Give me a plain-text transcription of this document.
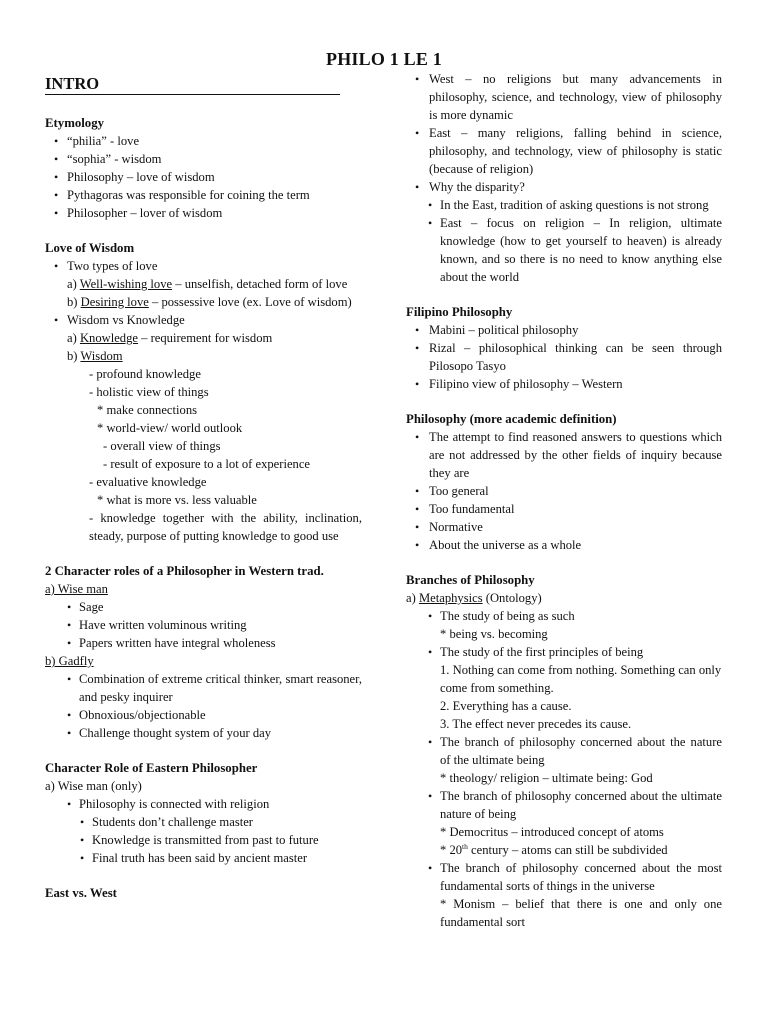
PHILO 1 LE 1
INTRO
Etymology
• “philia” - love
• “sophia” - wisdom
• Philosophy – love of wisdom
• Pythagoras was responsible for coining the term
• Philosopher – lover of wisdom
Love of Wisdom
• Two types of love
a) Well-wishing love – unselfish, detached form of love
b) Desiring love – possessive love (ex. Love of wisdom)
• Wisdom vs Knowledge
a) Knowledge – requirement for wisdom
b) Wisdom
- profound knowledge
- holistic view of things
* make connections
* world-view/ world outlook
- overall view of things
- result of exposure to a lot of experience
- evaluative knowledge
* what is more vs. less valuable
- knowledge together with the ability, inclination, steady, purpose of putting knowledge to good use
2 Character roles of a Philosopher in Western trad.
a) Wise man
• Sage
• Have written voluminous writing
• Papers written have integral wholeness
b) Gadfly
• Combination of extreme critical thinker, smart reasoner, and pesky inquirer
• Obnoxious/objectionable
• Challenge thought system of your day
Character Role of Eastern Philosopher
a) Wise man (only)
• Philosophy is connected with religion
• Students don’t challenge master
• Knowledge is transmitted from past to future
• Final truth has been said by ancient master
East vs. West
• West – no religions but many advancements in philosophy, science, and technology, view of philosophy is more dynamic
• East – many religions, falling behind in science, philosophy, and technology, view of philosophy is static (because of religion)
• Why the disparity?
• In the East, tradition of asking questions is not strong
• East – focus on religion – In religion, ultimate knowledge (how to get yourself to heaven) is already known, and so there is no need to know anything else about the world
Filipino Philosophy
• Mabini – political philosophy
• Rizal – philosophical thinking can be seen through Pilosopo Tasyo
• Filipino view of philosophy – Western
Philosophy (more academic definition)
• The attempt to find reasoned answers to questions which are not addressed by the other fields of inquiry because they are
• Too general
• Too fundamental
• Normative
• About the universe as a whole
Branches of Philosophy
a) Metaphysics (Ontology)
• The study of being as such
* being vs. becoming
• The study of the first principles of being
1. Nothing can come from nothing. Something can only come from something.
2. Everything has a cause.
3. The effect never precedes its cause.
• The branch of philosophy concerned about the nature of the ultimate being
* theology/ religion – ultimate being: God
• The branch of philosophy concerned about the ultimate nature of being
* Democritus – introduced concept of atoms
* 20th century – atoms can still be subdivided
• The branch of philosophy concerned about the most fundamental sorts of things in the universe
* Monism – belief that there is one and only one fundamental sort
